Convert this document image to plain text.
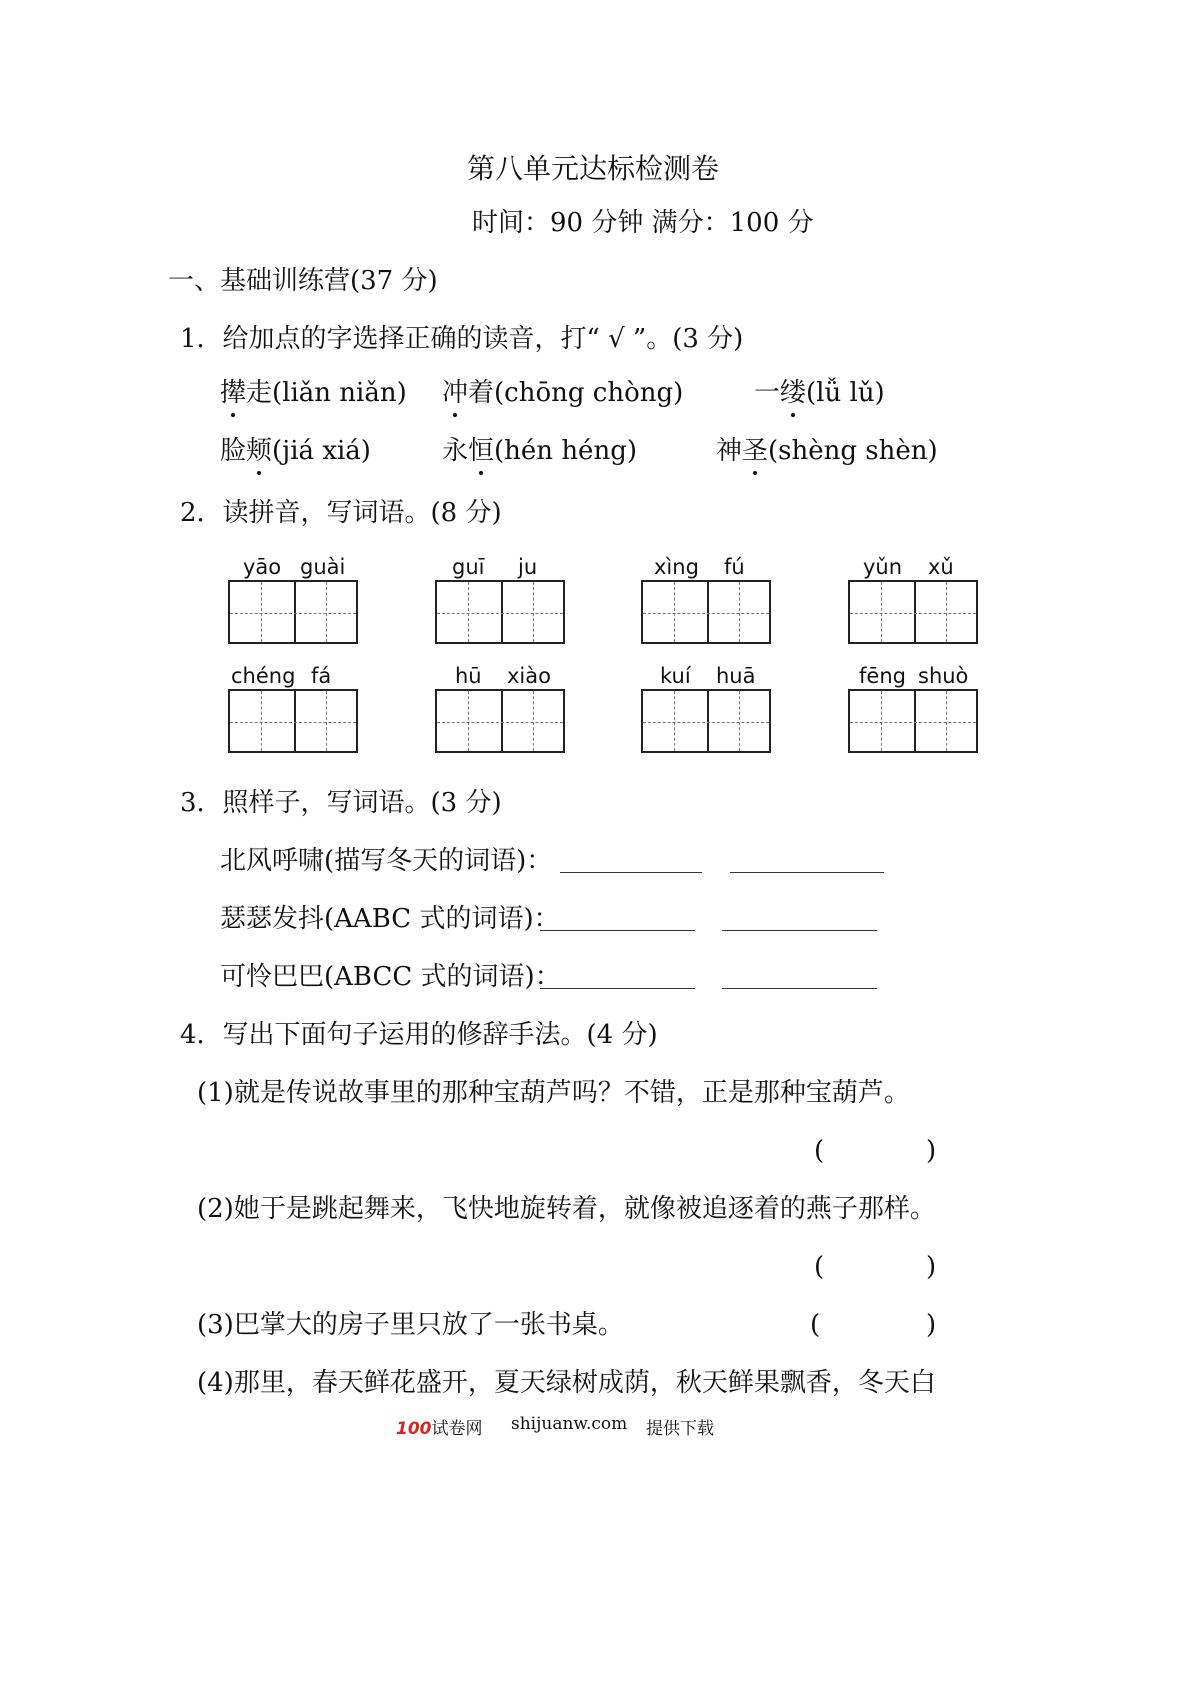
第八单元达标检测卷
时间：90 分钟 满分：100 分
一、基础训练营(37 分)
1．给加点的字选择正确的读音，打“ √ ”。(3 分)
撵走(liǎn niǎn) 冲着(chōng chòng)	一缕(lǚ lǔ)
脸颊(jiá xiá)	永恒(hén héng)	神圣(shèng shèn)
2．读拼音，写词语。(8 分)
yāo guài	guī ju	xìng fú	yǔn xǔ
chéng fá	hū xiào	kuí huā	fēng shuò
3．照样子，写词语。(3 分)
北风呼啸(描写冬天的词语)：
瑟瑟发抖(AABC 式的词语)：
可怜巴巴(ABCC 式的词语)：
4．写出下面句子运用的修辞手法。(4 分)
(1)就是传说故事里的那种宝葫芦吗？不错，正是那种宝葫芦。
(	)
(2)她于是跳起舞来，飞快地旋转着，就像被追逐着的燕子那样。
(	)
(3)巴掌大的房子里只放了一张书桌。	(	)
(4)那里，春天鲜花盛开，夏天绿树成荫，秋天鲜果飘香，冬天白
100试卷网 shijuanw.com 提供下载
